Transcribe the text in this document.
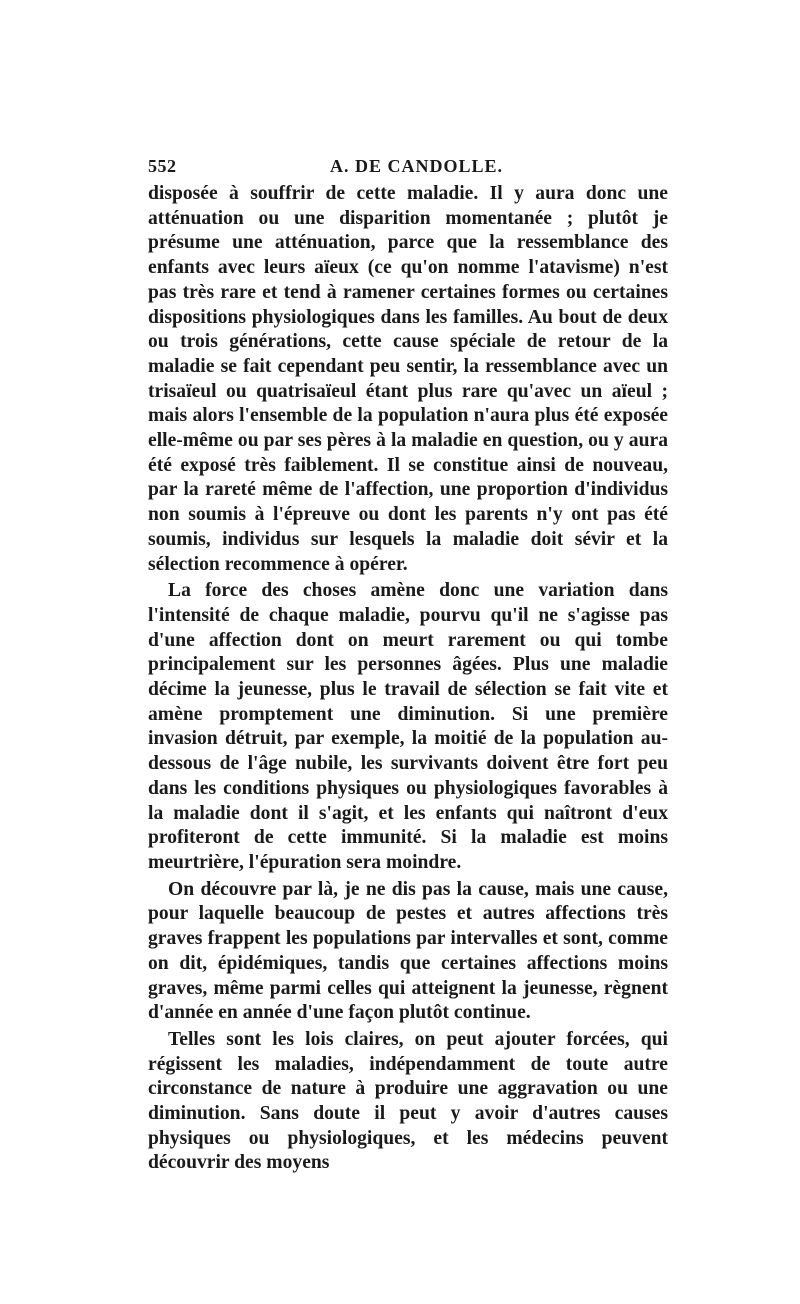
552	A. DE CANDOLLE.

disposée à souffrir de cette maladie. Il y aura donc une atténuation ou une disparition momentanée ; plutôt je présume une atténuation, parce que la ressemblance des enfants avec leurs aïeux (ce qu'on nomme l'atavisme) n'est pas très rare et tend à ramener certaines formes ou certaines dispositions physiologiques dans les familles. Au bout de deux ou trois générations, cette cause spéciale de retour de la maladie se fait cependant peu sentir, la ressemblance avec un trisaïeul ou quatrisaïeul étant plus rare qu'avec un aïeul ; mais alors l'ensemble de la population n'aura plus été exposée elle-même ou par ses pères à la maladie en question, ou y aura été exposé très faiblement. Il se constitue ainsi de nouveau, par la rareté même de l'affection, une proportion d'individus non soumis à l'épreuve ou dont les parents n'y ont pas été soumis, individus sur lesquels la maladie doit sévir et la sélection recommence à opérer.

La force des choses amène donc une variation dans l'intensité de chaque maladie, pourvu qu'il ne s'agisse pas d'une affection dont on meurt rarement ou qui tombe principalement sur les personnes âgées. Plus une maladie décime la jeunesse, plus le travail de sélection se fait vite et amène promptement une diminution. Si une première invasion détruit, par exemple, la moitié de la population au-dessous de l'âge nubile, les survivants doivent être fort peu dans les conditions physiques ou physiologiques favorables à la maladie dont il s'agit, et les enfants qui naîtront d'eux profiteront de cette immunité. Si la maladie est moins meurtrière, l'épuration sera moindre.

On découvre par là, je ne dis pas la cause, mais une cause, pour laquelle beaucoup de pestes et autres affections très graves frappent les populations par intervalles et sont, comme on dit, épidémiques, tandis que certaines affections moins graves, même parmi celles qui atteignent la jeunesse, règnent d'année en année d'une façon plutôt continue.

Telles sont les lois claires, on peut ajouter forcées, qui régissent les maladies, indépendamment de toute autre circonstance de nature à produire une aggravation ou une diminution. Sans doute il peut y avoir d'autres causes physiques ou physiologiques, et les médecins peuvent découvrir des moyens
